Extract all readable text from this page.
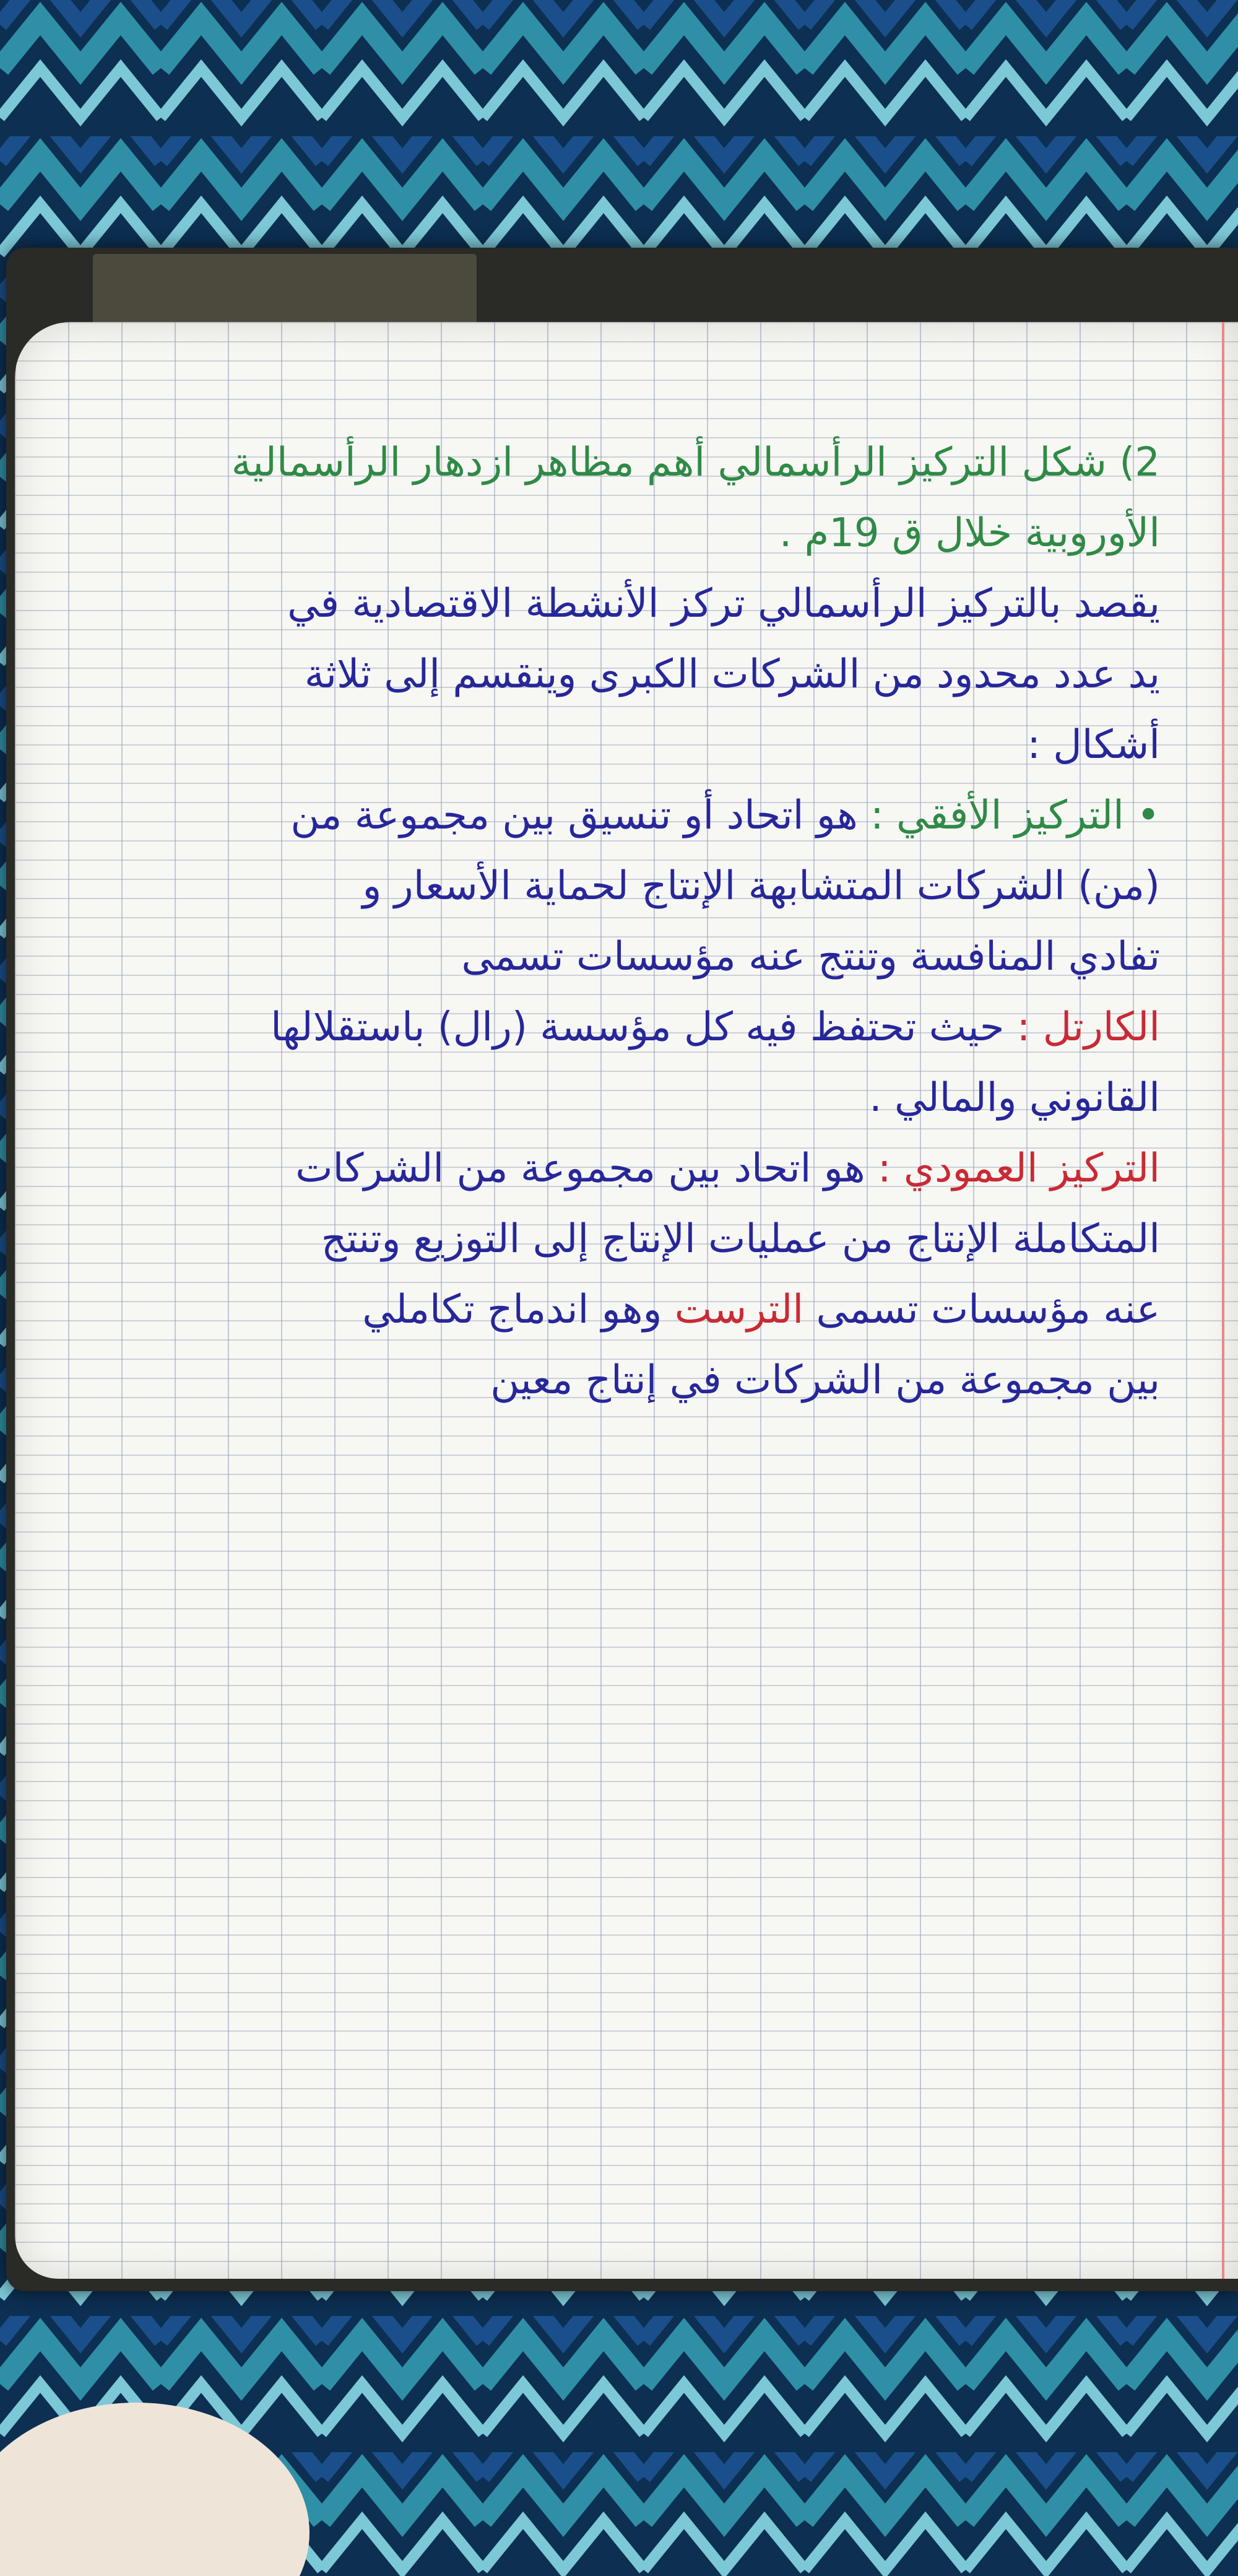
2) شكل التركيز الرأسمالي أهم مظاهر ازدهار الرأسمالية
الأوروبية خلال ق 19م .
يقصد بالتركيز الرأسمالي تركز الأنشطة الاقتصادية في
يد عدد محدود من الشركات الكبرى وينقسم إلى ثلاثة
أشكال :
• التركيز الأفقي : هو اتحاد أو تنسيق بين مجموعة من
(من) الشركات المتشابهة الإنتاج لحماية الأسعار و
تفادي المنافسة وتنتج عنه مؤسسات تسمى
الكارتل : حيث تحتفظ فيه كل مؤسسة (رال) باستقلالها
القانوني والمالي .
التركيز العمودي : هو اتحاد بين مجموعة من الشركات
المتكاملة الإنتاج من عمليات الإنتاج إلى التوزيع وتنتج
عنه مؤسسات تسمى الترست وهو اندماج تكاملي
بين مجموعة من الشركات في إنتاج معين
